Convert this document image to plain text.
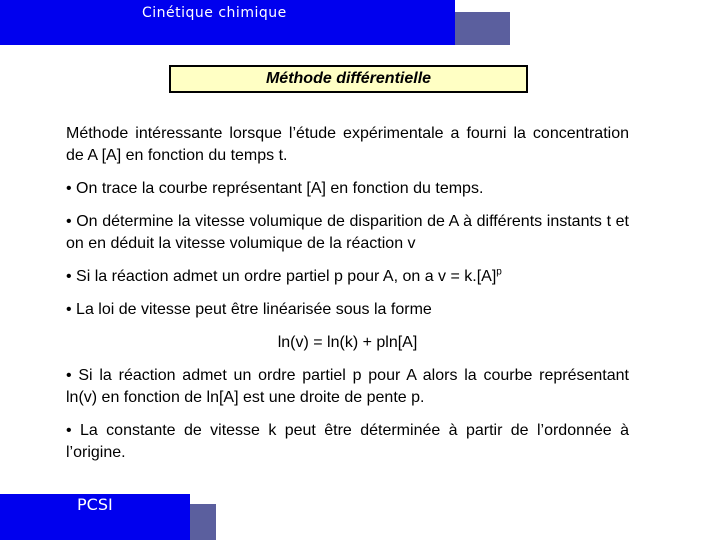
Cinétique chimique
Méthode différentielle

Méthode intéressante lorsque l’étude expérimentale a fourni la concentration de A [A] en fonction du temps t.

• On trace la courbe représentant [A] en fonction du temps.

• On détermine la vitesse volumique de disparition de A à différents instants t et on en déduit la vitesse volumique de la réaction v

• Si la réaction admet un ordre partiel p pour A, on a $v = k.[A]^p$

• La loi de vitesse peut être linéarisée sous la forme

ln(v) = ln(k) + pln[A]

• Si la réaction admet un ordre partiel p pour A alors la courbe représentant ln(v) en fonction de ln[A] est une droite de pente p.

• La constante de vitesse k peut être déterminée à partir de l’ordonnée à l’origine.

PCSI
